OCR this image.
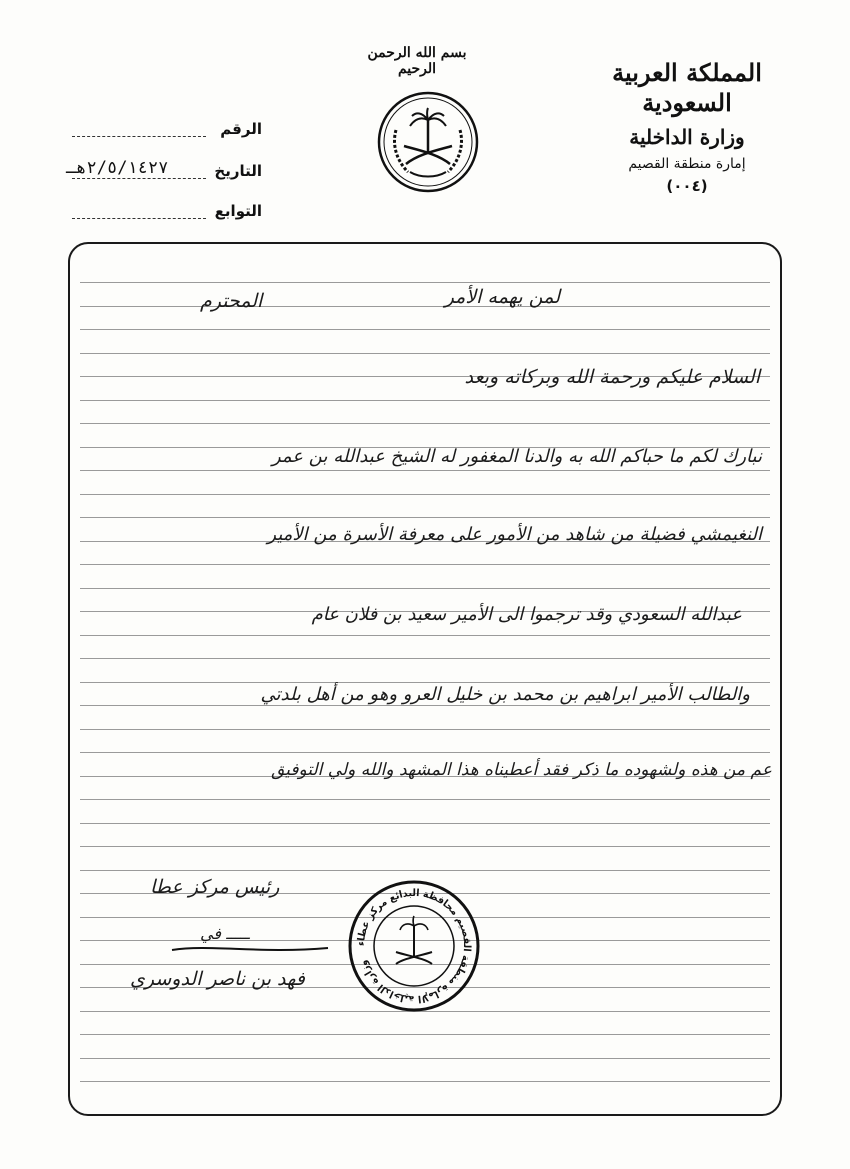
المملكة العربية السعودية
وزارة الداخلية
إمارة منطقة القصيم
(٠٠٤)
بسم الله الرحمن الرحيم
الرقم
التاريخ
٢/٥/١٤٢٧هـ
التوابع
لمن يهمه الأمر
المحترم
السلام عليكم ورحمة الله وبركاته وبعد
نبارك لكم ما حباكم الله به والدنا المغفور له الشيخ عبدالله بن عمر
النغيمشي فضيلة من شاهد من الأمور على معرفة الأسرة من الأمير
عبدالله السعودي وقد ترجموا الى الأمير سعيد بن فلان عام
والطالب الأمير ابراهيم بن محمد بن خليل العرو وهو من أهل بلدتي
عم من هذه ولشهوده ما ذكر فقد أعطيناه هذا المشهد والله ولي التوفيق
رئيس مركز عطا
ـــــ في
فهد بن ناصر الدوسري
وزارة الداخلية الإمارة منطقة القصيم محافظة البدائع مركز عطاء
